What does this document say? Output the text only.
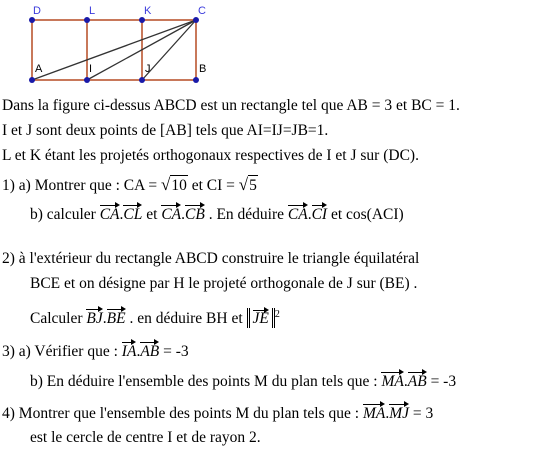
D	L	K	C
A	I	J	B
Dans la figure ci-dessus ABCD est un rectangle tel que AB = 3 et BC = 1.
I et J sont deux points de [AB] tels que AI=IJ=JB=1.
L et K étant les projetés orthogonaux respectives de I et J sur (DC).
1) a) Montrer que : CA = √10 et CI = √5
b) calculer CA.CL et CA.CB . En déduire CA.CI et cos(ACI)
2) à l'extérieur du rectangle ABCD construire le triangle équilatéral
BCE et on désigne par H le projeté orthogonale de J sur (BE) .
Calculer BJ.BE . en déduire BH et JE $^2$
3) a) Vérifier que : IA.AB = -3
b) En déduire l'ensemble des points M du plan tels que : MA.AB = -3
4) Montrer que l'ensemble des points M du plan tels que : MA.MJ = 3
est le cercle de centre I et de rayon 2.
